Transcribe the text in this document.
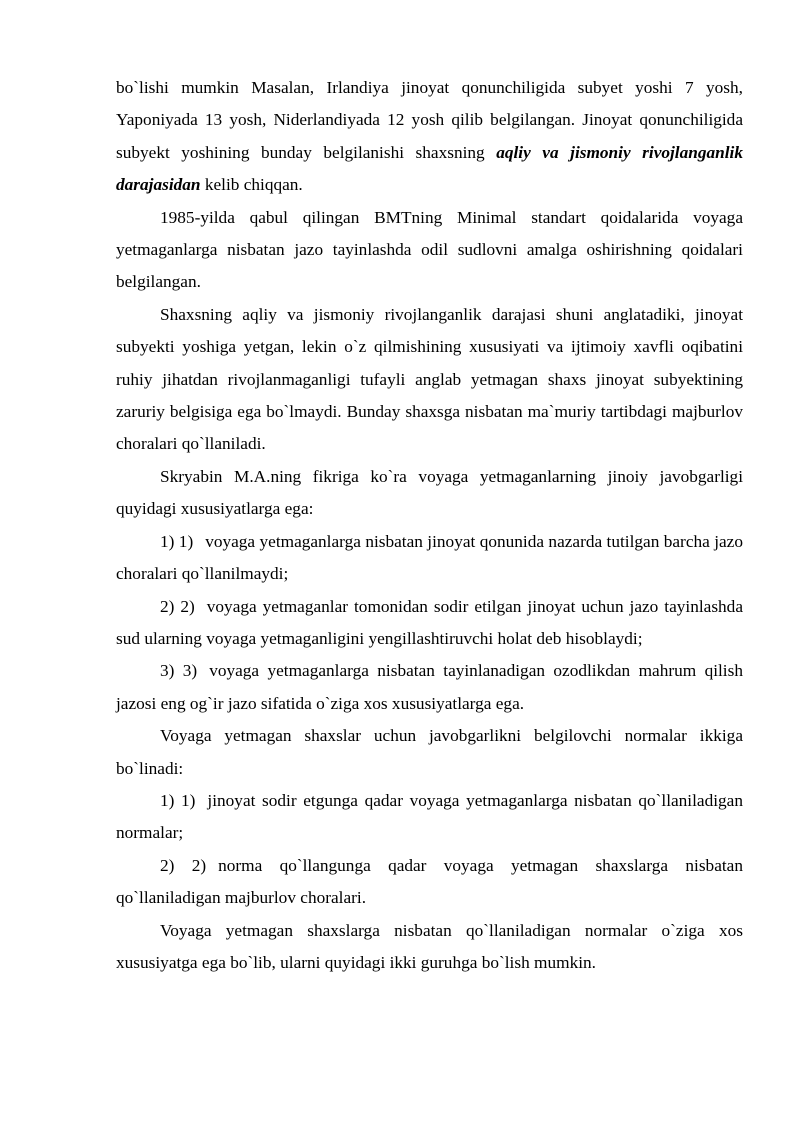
bo`lishi mumkin Masalan, Irlandiya jinoyat qonunchiligida subyet yoshi 7 yosh, Yaponiyada 13 yosh, Niderlandiyada 12 yosh qilib belgilangan. Jinoyat qonunchiligida subyekt yoshining bunday belgilanishi shaxsning aqliy va jismoniy rivojlanganlik darajasidan kelib chiqqan.

1985-yilda qabul qilingan BMTning Minimal standart qoidalarida voyaga yetmaganlarga nisbatan jazo tayinlashda odil sudlovni amalga oshirishning qoidalari belgilangan.

Shaxsning aqliy va jismoniy rivojlanganlik darajasi shuni anglatadiki, jinoyat subyekti yoshiga yetgan, lekin o`z qilmishining xususiyati va ijtimoiy xavfli oqibatini ruhiy jihatdan rivojlanmaganligi tufayli anglab yetmagan shaxs jinoyat subyektining zaruriy belgisiga ega bo`lmaydi. Bunday shaxsga nisbatan ma`muriy tartibdagi majburlov choralari qo`llaniladi.

Skryabin M.A.ning fikriga ko`ra voyaga yetmaganlarning jinoiy javobgarligi quyidagi xususiyatlarga ega:

1) 1) voyaga yetmaganlarga nisbatan jinoyat qonunida nazarda tutilgan barcha jazo choralari qo`llanilmaydi;

2) 2) voyaga yetmaganlar tomonidan sodir etilgan jinoyat uchun jazo tayinlashda sud ularning voyaga yetmaganligini yengillashtiruvchi holat deb hisoblaydi;

3) 3) voyaga yetmaganlarga nisbatan tayinlanadigan ozodlikdan mahrum qilish jazosi eng og`ir jazo sifatida o`ziga xos xususiyatlarga ega.

Voyaga yetmagan shaxslar uchun javobgarlikni belgilovchi normalar ikkiga bo`linadi:

1) 1) jinoyat sodir etgunga qadar voyaga yetmaganlarga nisbatan qo`llaniladigan normalar;

2) 2) norma qo`llangunga qadar voyaga yetmagan shaxslarga nisbatan qo`llaniladigan majburlov choralari.

Voyaga yetmagan shaxslarga nisbatan qo`llaniladigan normalar o`ziga xos xususiyatga ega bo`lib, ularni quyidagi ikki guruhga bo`lish mumkin.
